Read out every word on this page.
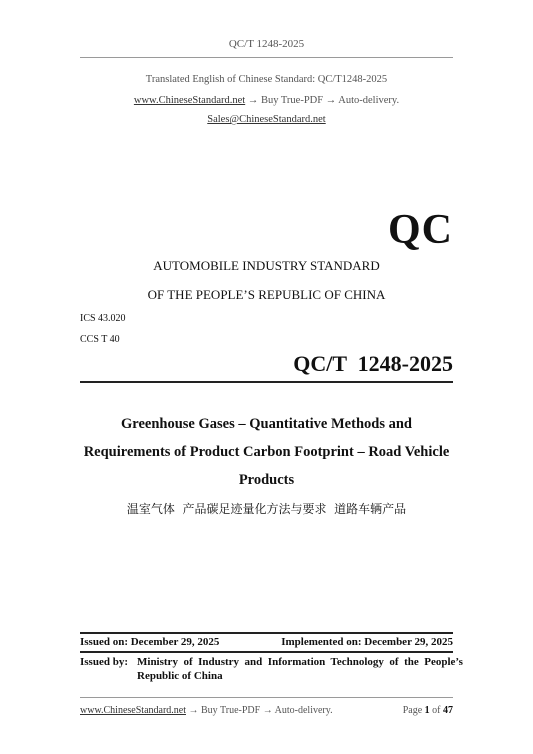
QC/T 1248-2025
Translated English of Chinese Standard: QC/T1248-2025
www.ChineseStandard.net → Buy True-PDF → Auto-delivery.
Sales@ChineseStandard.net
QC
AUTOMOBILE INDUSTRY STANDARD
OF THE PEOPLE’S REPUBLIC OF CHINA
ICS 43.020
CCS T 40
QC/T  1248-2025
Greenhouse Gases – Quantitative Methods and
Requirements of Product Carbon Footprint – Road Vehicle
Products
温室气体  产品碳足迹量化方法与要求  道路车辆产品
Issued on: December 29, 2025	Implemented on: December 29, 2025
Issued by: Ministry  of  Industry  and  Information  Technology  of  the  People’s
Republic of China
www.ChineseStandard.net → Buy True-PDF → Auto-delivery.	Page 1 of 47
